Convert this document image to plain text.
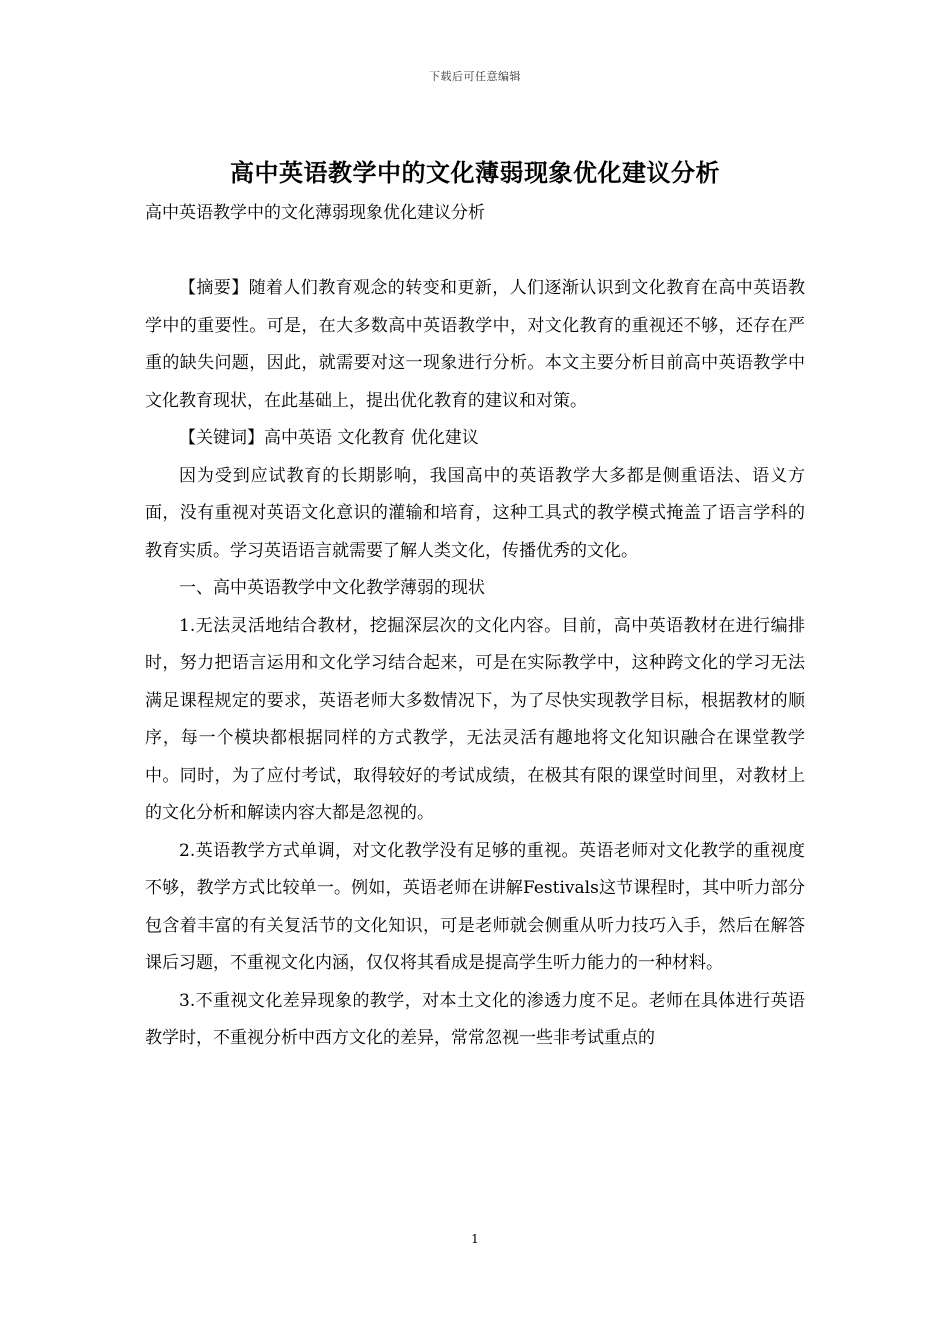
下载后可任意编辑
高中英语教学中的文化薄弱现象优化建议分析

高中英语教学中的文化薄弱现象优化建议分析

【摘要】随着人们教育观念的转变和更新，人们逐渐认识到文化教育在高中英语教学中的重要性。可是，在大多数高中英语教学中，对文化教育的重视还不够，还存在严重的缺失问题，因此，就需要对这一现象进行分析。本文主要分析目前高中英语教学中文化教育现状，在此基础上，提出优化教育的建议和对策。

【关键词】高中英语 文化教育 优化建议

因为受到应试教育的长期影响，我国高中的英语教学大多都是侧重语法、语义方面，没有重视对英语文化意识的灌输和培育，这种工具式的教学模式掩盖了语言学科的教育实质。学习英语语言就需要了解人类文化，传播优秀的文化。

一、高中英语教学中文化教学薄弱的现状

1.无法灵活地结合教材，挖掘深层次的文化内容。目前，高中英语教材在进行编排时，努力把语言运用和文化学习结合起来，可是在实际教学中，这种跨文化的学习无法满足课程规定的要求，英语老师大多数情况下，为了尽快实现教学目标，根据教材的顺序，每一个模块都根据同样的方式教学，无法灵活有趣地将文化知识融合在课堂教学中。同时，为了应付考试，取得较好的考试成绩，在极其有限的课堂时间里，对教材上的文化分析和解读内容大都是忽视的。

2.英语教学方式单调，对文化教学没有足够的重视。英语老师对文化教学的重视度不够，教学方式比较单一。例如，英语老师在讲解Festivals这节课程时，其中听力部分包含着丰富的有关复活节的文化知识，可是老师就会侧重从听力技巧入手，然后在解答课后习题，不重视文化内涵，仅仅将其看成是提高学生听力能力的一种材料。

3.不重视文化差异现象的教学，对本土文化的渗透力度不足。老师在具体进行英语教学时，不重视分析中西方文化的差异，常常忽视一些非考试重点的

1
